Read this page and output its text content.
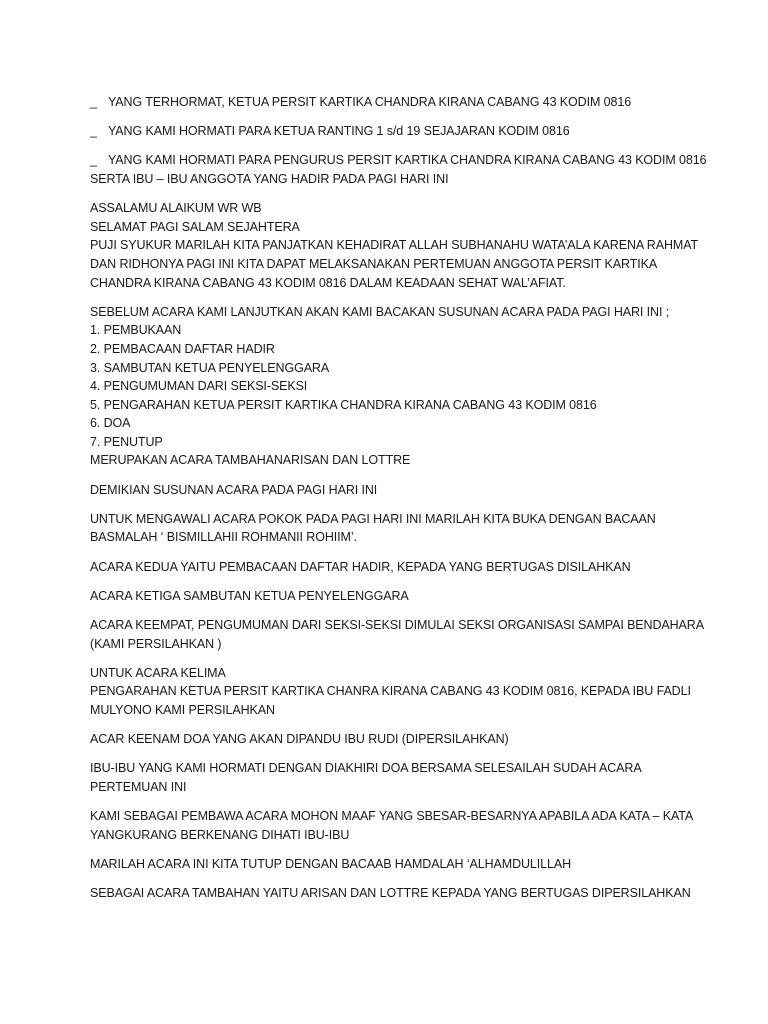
_ YANG TERHORMAT, KETUA PERSIT KARTIKA CHANDRA KIRANA CABANG 43 KODIM 0816
_ YANG KAMI HORMATI PARA KETUA RANTING 1 s/d 19 SEJAJARAN KODIM 0816
_ YANG KAMI HORMATI PARA PENGURUS PERSIT KARTIKA CHANDRA KIRANA CABANG 43 KODIM 0816 SERTA IBU – IBU ANGGOTA YANG HADIR PADA PAGI HARI INI
ASSALAMU ALAIKUM WR WB
SELAMAT PAGI SALAM SEJAHTERA
PUJI SYUKUR MARILAH KITA PANJATKAN KEHADIRAT ALLAH SUBHANAHU WATA’ALA KARENA RAHMAT
DAN RIDHONYA PAGI INI KITA DAPAT MELAKSANAKAN PERTEMUAN ANGGOTA PERSIT KARTIKA
CHANDRA KIRANA CABANG 43 KODIM 0816 DALAM KEADAAN SEHAT WAL’AFIAT.
SEBELUM ACARA KAMI LANJUTKAN AKAN KAMI BACAKAN SUSUNAN ACARA PADA PAGI HARI INI ;
1. PEMBUKAAN
2. PEMBACAAN DAFTAR HADIR
3. SAMBUTAN KETUA PENYELENGGARA
4. PENGUMUMAN DARI SEKSI-SEKSI
5. PENGARAHAN KETUA PERSIT KARTIKA CHANDRA KIRANA CABANG 43 KODIM 0816
6. DOA
7. PENUTUP
MERUPAKAN ACARA TAMBAHANARISAN DAN LOTTRE
DEMIKIAN SUSUNAN ACARA PADA PAGI HARI INI
UNTUK MENGAWALI ACARA POKOK PADA PAGI HARI INI MARILAH KITA BUKA DENGAN BACAAN
BASMALAH ‘ BISMILLAHII ROHMANII ROHIIM’.
ACARA KEDUA YAITU PEMBACAAN DAFTAR HADIR, KEPADA YANG BERTUGAS DISILAHKAN
ACARA KETIGA SAMBUTAN KETUA PENYELENGGARA
ACARA KEEMPAT, PENGUMUMAN DARI SEKSI-SEKSI DIMULAI SEKSI ORGANISASI SAMPAI BENDAHARA
(KAMI PERSILAHKAN )
UNTUK ACARA KELIMA
PENGARAHAN KETUA PERSIT KARTIKA CHANRA KIRANA CABANG 43 KODIM 0816, KEPADA IBU FADLI
MULYONO KAMI PERSILAHKAN
ACAR KEENAM DOA YANG AKAN DIPANDU IBU RUDI (DIPERSILAHKAN)
IBU-IBU YANG KAMI HORMATI DENGAN DIAKHIRI DOA BERSAMA SELESAILAH SUDAH ACARA
PERTEMUAN INI
KAMI SEBAGAI PEMBAWA ACARA MOHON MAAF YANG SBESAR-BESARNYA APABILA ADA KATA – KATA
YANGKURANG BERKENANG DIHATI IBU-IBU
MARILAH ACARA INI KITA TUTUP DENGAN BACAAB HAMDALAH ‘ALHAMDULILLAH
SEBAGAI ACARA TAMBAHAN YAITU ARISAN DAN LOTTRE KEPADA YANG BERTUGAS DIPERSILAHKAN
